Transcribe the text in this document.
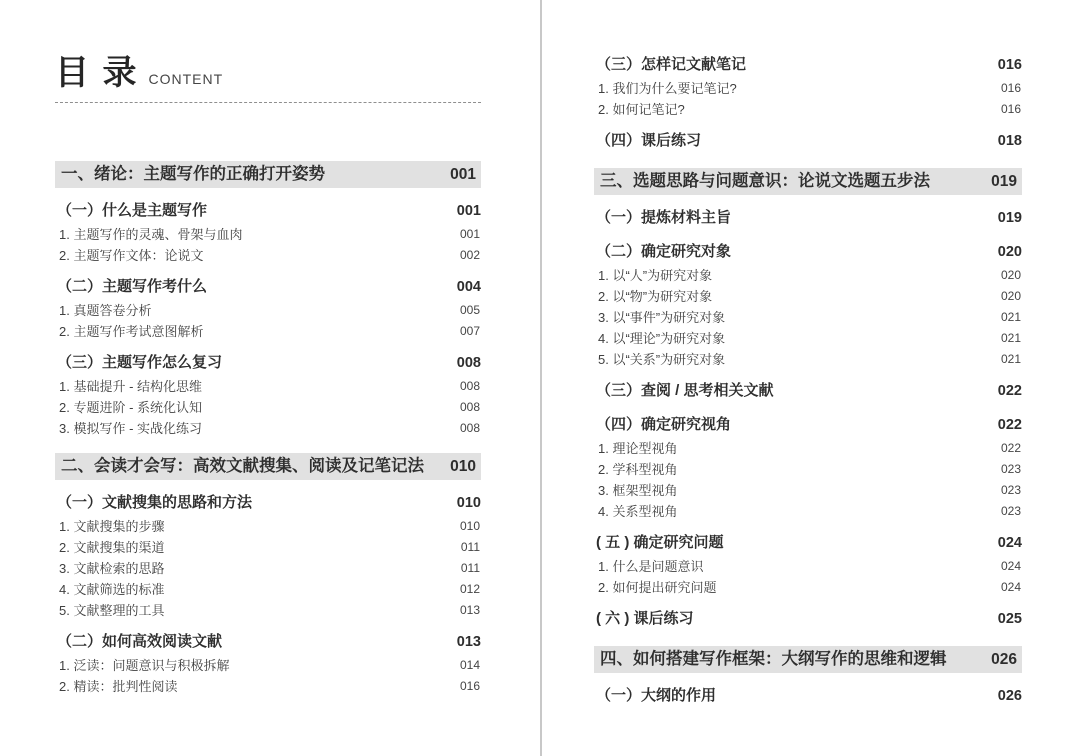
目 录 CONTENT
一、绪论：主题写作的正确打开姿势	001
（一）什么是主题写作	001
1. 主题写作的灵魂、骨架与血肉	001
2. 主题写作文体：论说文	002
（二）主题写作考什么	004
1. 真题答卷分析	005
2. 主题写作考试意图解析	007
（三）主题写作怎么复习	008
1. 基础提升 - 结构化思维	008
2. 专题进阶 - 系统化认知	008
3. 模拟写作 - 实战化练习	008
二、会读才会写：高效文献搜集、阅读及记笔记法 010
（一）文献搜集的思路和方法	010
1. 文献搜集的步骤	010
2. 文献搜集的渠道	011
3. 文献检索的思路	011
4. 文献筛选的标准	012
5. 文献整理的工具	013
（二）如何高效阅读文献	013
1. 泛读：问题意识与积极拆解	014
2. 精读：批判性阅读	016
（三）怎样记文献笔记	016
1. 我们为什么要记笔记?	016
2. 如何记笔记?	016
（四）课后练习	018
三、选题思路与问题意识：论说文选题五步法	019
（一）提炼材料主旨	019
（二）确定研究对象	020
1. 以“人”为研究对象	020
2. 以“物”为研究对象	020
3. 以“事件”为研究对象	021
4. 以“理论”为研究对象	021
5. 以“关系”为研究对象	021
（三）查阅 / 思考相关文献	022
（四）确定研究视角	022
1. 理论型视角	022
2. 学科型视角	023
3. 框架型视角	023
4. 关系型视角	023
( 五 ) 确定研究问题	024
1. 什么是问题意识	024
2. 如何提出研究问题	024
( 六 ) 课后练习	025
四、如何搭建写作框架：大纲写作的思维和逻辑	026
（一）大纲的作用	026
